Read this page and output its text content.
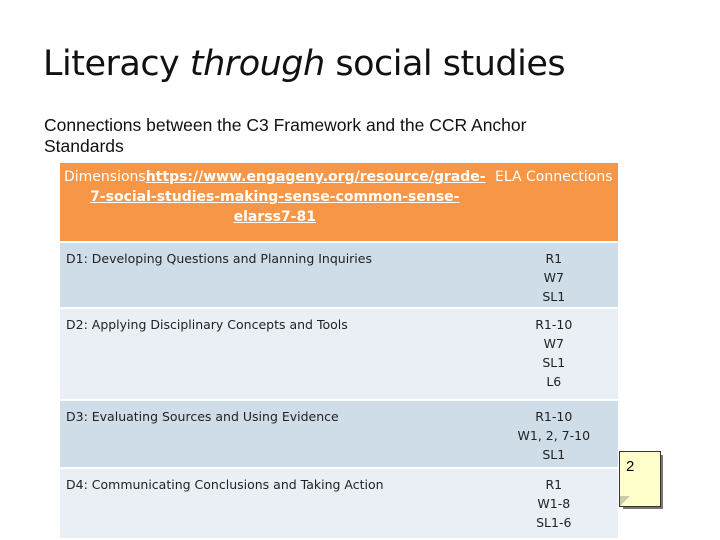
Literacy through social studies
Connections between the C3 Framework and the CCR Anchor Standards
Dimensionshttps://www.engageny.org/resource/grade-7-social-studies-making-sense-common-sense-elarss7-81	ELA Connections
D1: Developing Questions and Planning Inquiries	R1
W7
SL1

D2: Applying Disciplinary Concepts and Tools	R1-10
W7
SL1
L6

D3: Evaluating Sources and Using Evidence	R1-10
W1, 2, 7-10
SL1

D4: Communicating Conclusions and Taking Action	R1
W1-8
SL1-6
2
